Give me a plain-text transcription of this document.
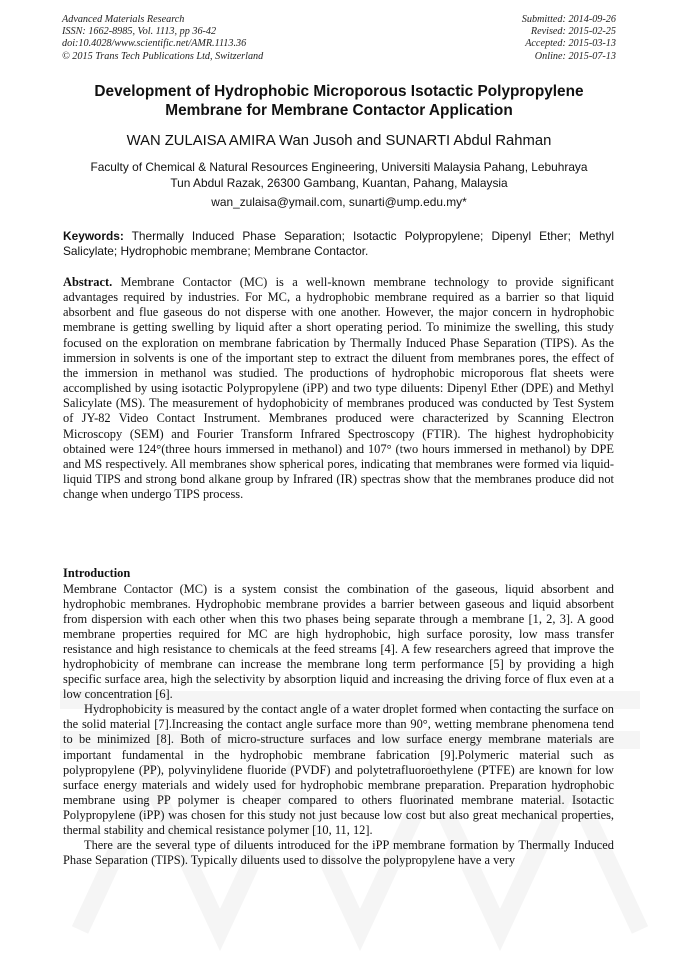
Advanced Materials Research
ISSN: 1662-8985, Vol. 1113, pp 36-42
doi:10.4028/www.scientific.net/AMR.1113.36
© 2015 Trans Tech Publications Ltd, Switzerland
Submitted: 2014-09-26
Revised: 2015-02-25
Accepted: 2015-03-13
Online: 2015-07-13
Development of Hydrophobic Microporous Isotactic Polypropylene
Membrane for Membrane Contactor Application
WAN ZULAISA AMIRA Wan Jusoh and SUNARTI Abdul Rahman
Faculty of Chemical & Natural Resources Engineering, Universiti Malaysia Pahang, Lebuhraya
Tun Abdul Razak, 26300 Gambang, Kuantan, Pahang, Malaysia
wan_zulaisa@ymail.com, sunarti@ump.edu.my*
Keywords: Thermally Induced Phase Separation; Isotactic Polypropylene; Dipenyl Ether; Methyl Salicylate; Hydrophobic membrane; Membrane Contactor.
Abstract. Membrane Contactor (MC) is a well-known membrane technology to provide significant advantages required by industries. For MC, a hydrophobic membrane required as a barrier so that liquid absorbent and flue gaseous do not disperse with one another. However, the major concern in hydrophobic membrane is getting swelling by liquid after a short operating period. To minimize the swelling, this study focused on the exploration on membrane fabrication by Thermally Induced Phase Separation (TIPS). As the immersion in solvents is one of the important step to extract the diluent from membranes pores, the effect of the immersion in methanol was studied. The productions of hydrophobic microporous flat sheets were accomplished by using isotactic Polypropylene (iPP) and two type diluents: Dipenyl Ether (DPE) and Methyl Salicylate (MS). The measurement of hydophobicity of membranes produced was conducted by Test System of JY-82 Video Contact Instrument. Membranes produced were characterized by Scanning Electron Microscopy (SEM) and Fourier Transform Infrared Spectroscopy (FTIR). The highest hydrophobicity obtained were 124°(three hours immersed in methanol) and 107° (two hours immersed in methanol) by DPE and MS respectively. All membranes show spherical pores, indicating that membranes were formed via liquid-liquid TIPS and strong bond alkane group by Infrared (IR) spectras show that the membranes produce did not change when undergo TIPS process.
Introduction

Membrane Contactor (MC) is a system consist the combination of the gaseous, liquid absorbent and hydrophobic membranes. Hydrophobic membrane provides a barrier between gaseous and liquid absorbent from dispersion with each other when this two phases being separate through a membrane [1, 2, 3]. A good membrane properties required for MC are high hydrophobic, high surface porosity, low mass transfer resistance and high resistance to chemicals at the feed streams [4]. A few researchers agreed that improve the hydrophobicity of membrane can increase the membrane long term performance [5] by providing a high specific surface area, high the selectivity by absorption liquid and increasing the driving force of flux even at a low concentration [6].

Hydrophobicity is measured by the contact angle of a water droplet formed when contacting the surface on the solid material [7].Increasing the contact angle surface more than 90°, wetting membrane phenomena tend to be minimized [8]. Both of micro-structure surfaces and low surface energy membrane materials are important fundamental in the hydrophobic membrane fabrication [9].Polymeric material such as polypropylene (PP), polyvinylidene fluoride (PVDF) and polytetrafluoroethylene (PTFE) are known for low surface energy materials and widely used for hydrophobic membrane preparation. Preparation hydrophobic membrane using PP polymer is cheaper compared to others fluorinated membrane material. Isotactic Polypropylene (iPP) was chosen for this study not just because low cost but also great mechanical properties, thermal stability and chemical resistance polymer [10, 11, 12].

There are the several type of diluents introduced for the iPP membrane formation by Thermally Induced Phase Separation (TIPS). Typically diluents used to dissolve the polypropylene have a very
